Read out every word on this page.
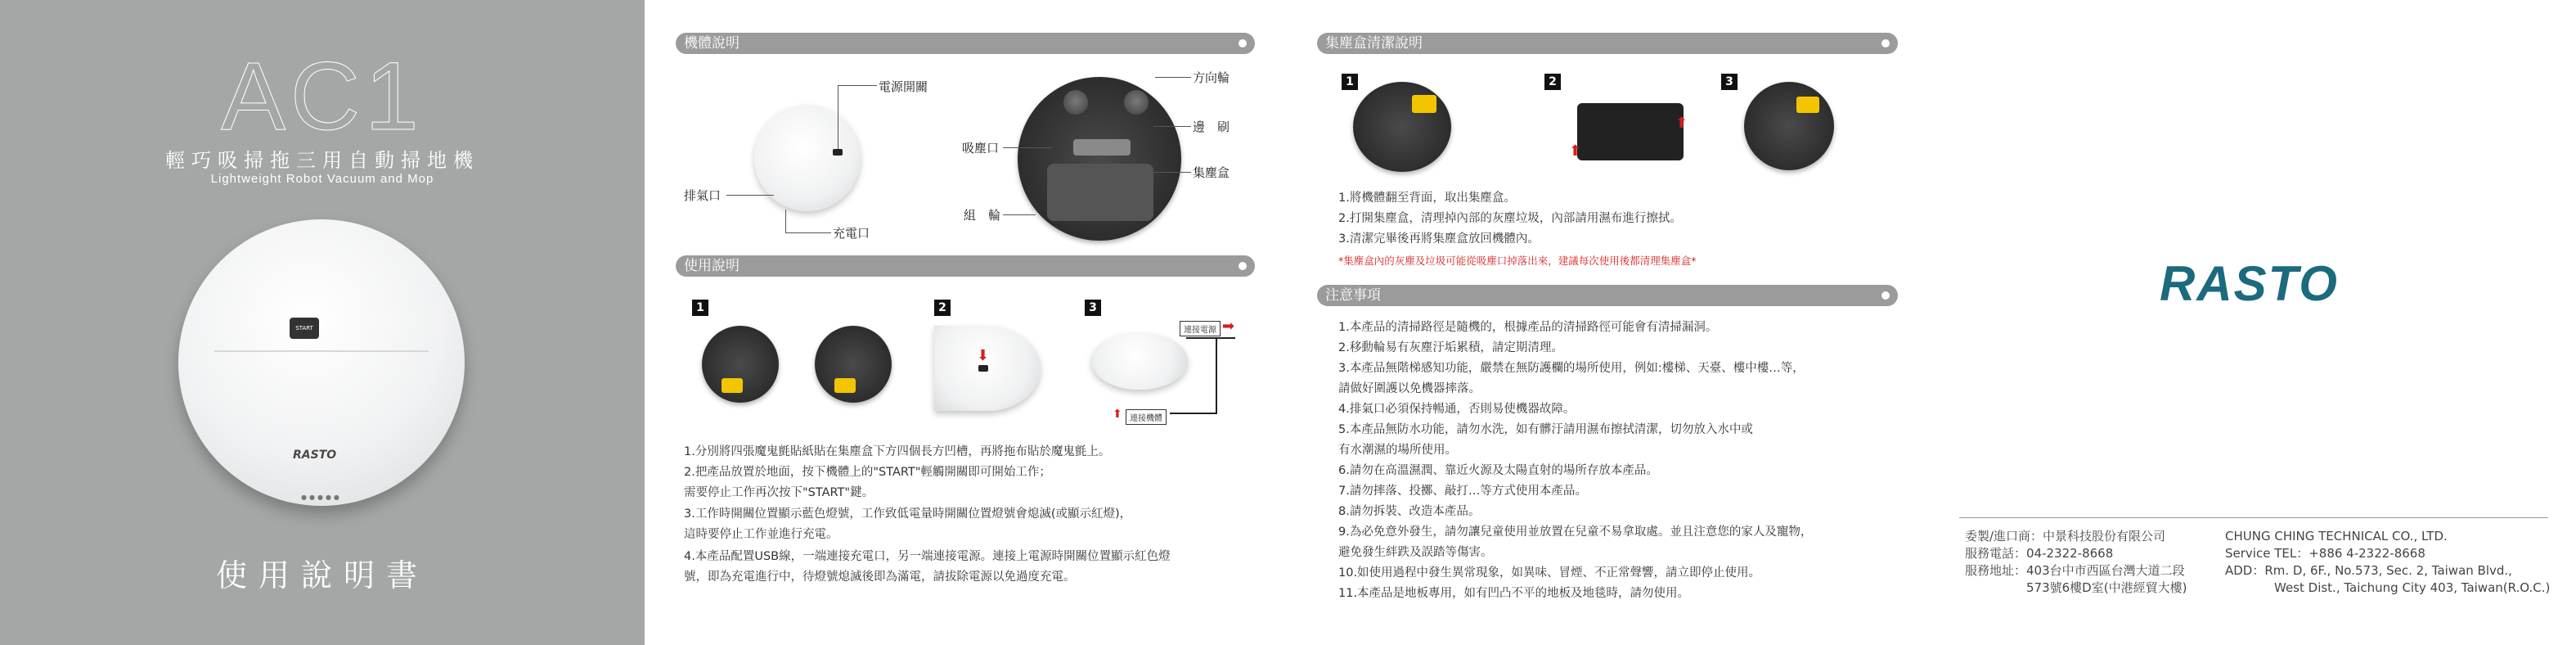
AC1
輕巧吸掃拖三用自動掃地機
Lightweight Robot Vacuum and Mop
START
RASTO
●●●●●
使用說明書
機體說明
電源開關
排氣口
充電口
方向輪
邊　刷
吸塵口
集塵盒
組　輪
使用說明
1	2	3
⬇
連接電源 ➡
連接機體
⬆
1.分別將四張魔鬼氈貼紙貼在集塵盒下方四個長方凹槽，再將拖布貼於魔鬼氈上。
2.把產品放置於地面，按下機體上的"START"輕觸開關即可開始工作；
需要停止工作再次按下"START"鍵。
3.工作時開關位置顯示藍色燈號，工作致低電量時開關位置燈號會熄滅(或顯示紅燈)，
這時要停止工作並進行充電。
4.本產品配置USB線，一端連接充電口，另一端連接電源。連接上電源時開關位置顯示紅色燈
號，即為充電進行中，待燈號熄滅後即為滿電，請拔除電源以免過度充電。
集塵盒清潔說明
1	2	3
⬆
⬆
1.將機體翻至背面，取出集塵盒。
2.打開集塵盒，清理掉內部的灰塵垃圾，內部請用濕布進行擦拭。
3.清潔完畢後再將集塵盒放回機體內。
*集塵盒內的灰塵及垃圾可能從吸塵口掉落出來，建議每次使用後都清理集塵盒*
注意事項
1.本產品的清掃路徑是隨機的，根據產品的清掃路徑可能會有清掃漏洞。
2.移動輪易有灰塵汙垢累積，請定期清理。
3.本產品無階梯感知功能，嚴禁在無防護欄的場所使用，例如:樓梯、天臺、樓中樓…等，
請做好圍護以免機器摔落。
4.排氣口必須保持暢通，否則易使機器故障。
5.本產品無防水功能，請勿水洗，如有髒汙請用濕布擦拭清潔，切勿放入水中或
有水潮濕的場所使用。
6.請勿在高溫濕潤、靠近火源及太陽直射的場所存放本產品。
7.請勿摔落、投擲、敲打…等方式使用本產品。
8.請勿拆裝、改造本產品。
9.為必免意外發生，請勿讓兒童使用並放置在兒童不易拿取處。並且注意您的家人及寵物，
避免發生絆跌及誤踏等傷害。
10.如使用過程中發生異常現象，如異味、冒煙、不正常聲響，請立即停止使用。
11.本產品是地板專用，如有凹凸不平的地板及地毯時，請勿使用。
RASTO
委製/進口商：中景科技股份有限公司
服務電話：04-2322-8668
服務地址：403台中市西區台灣大道二段
　　　　　573號6樓D室(中港經貿大樓)
CHUNG CHING TECHNICAL CO., LTD.
Service TEL：+886 4-2322-8668
ADD：Rm. D, 6F., No.573, Sec. 2, Taiwan Blvd.,
　　　　West Dist., Taichung City 403, Taiwan(R.O.C.)
